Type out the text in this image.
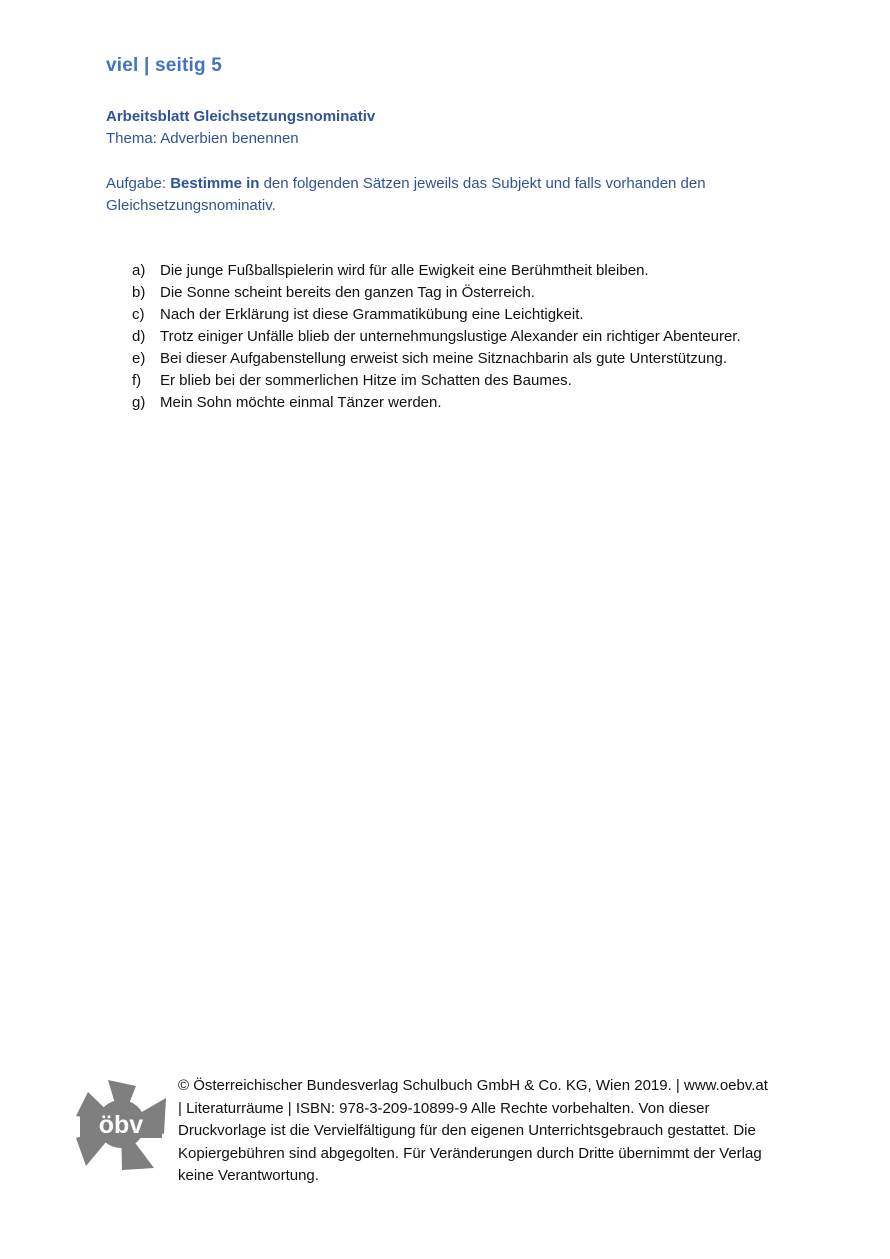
viel | seitig 5
Arbeitsblatt Gleichsetzungsnominativ
Thema: Adverbien benennen
Aufgabe: Bestimme in den folgenden Sätzen jeweils das Subjekt und falls vorhanden den Gleichsetzungsnominativ.
a) Die junge Fußballspielerin wird für alle Ewigkeit eine Berühmtheit bleiben.
b) Die Sonne scheint bereits den ganzen Tag in Österreich.
c) Nach der Erklärung ist diese Grammatikübung eine Leichtigkeit.
d) Trotz einiger Unfälle blieb der unternehmungslustige Alexander ein richtiger Abenteurer.
e) Bei dieser Aufgabenstellung erweist sich meine Sitznachbarin als gute Unterstützung.
f) Er blieb bei der sommerlichen Hitze im Schatten des Baumes.
g) Mein Sohn möchte einmal Tänzer werden.
öbv
© Österreichischer Bundesverlag Schulbuch GmbH & Co. KG, Wien 2019. | www.oebv.at | Literaturräume | ISBN: 978-3-209-10899-9 Alle Rechte vorbehalten. Von dieser Druckvorlage ist die Vervielfältigung für den eigenen Unterrichtsgebrauch gestattet. Die Kopiergebühren sind abgegolten. Für Veränderungen durch Dritte übernimmt der Verlag keine Verantwortung.
